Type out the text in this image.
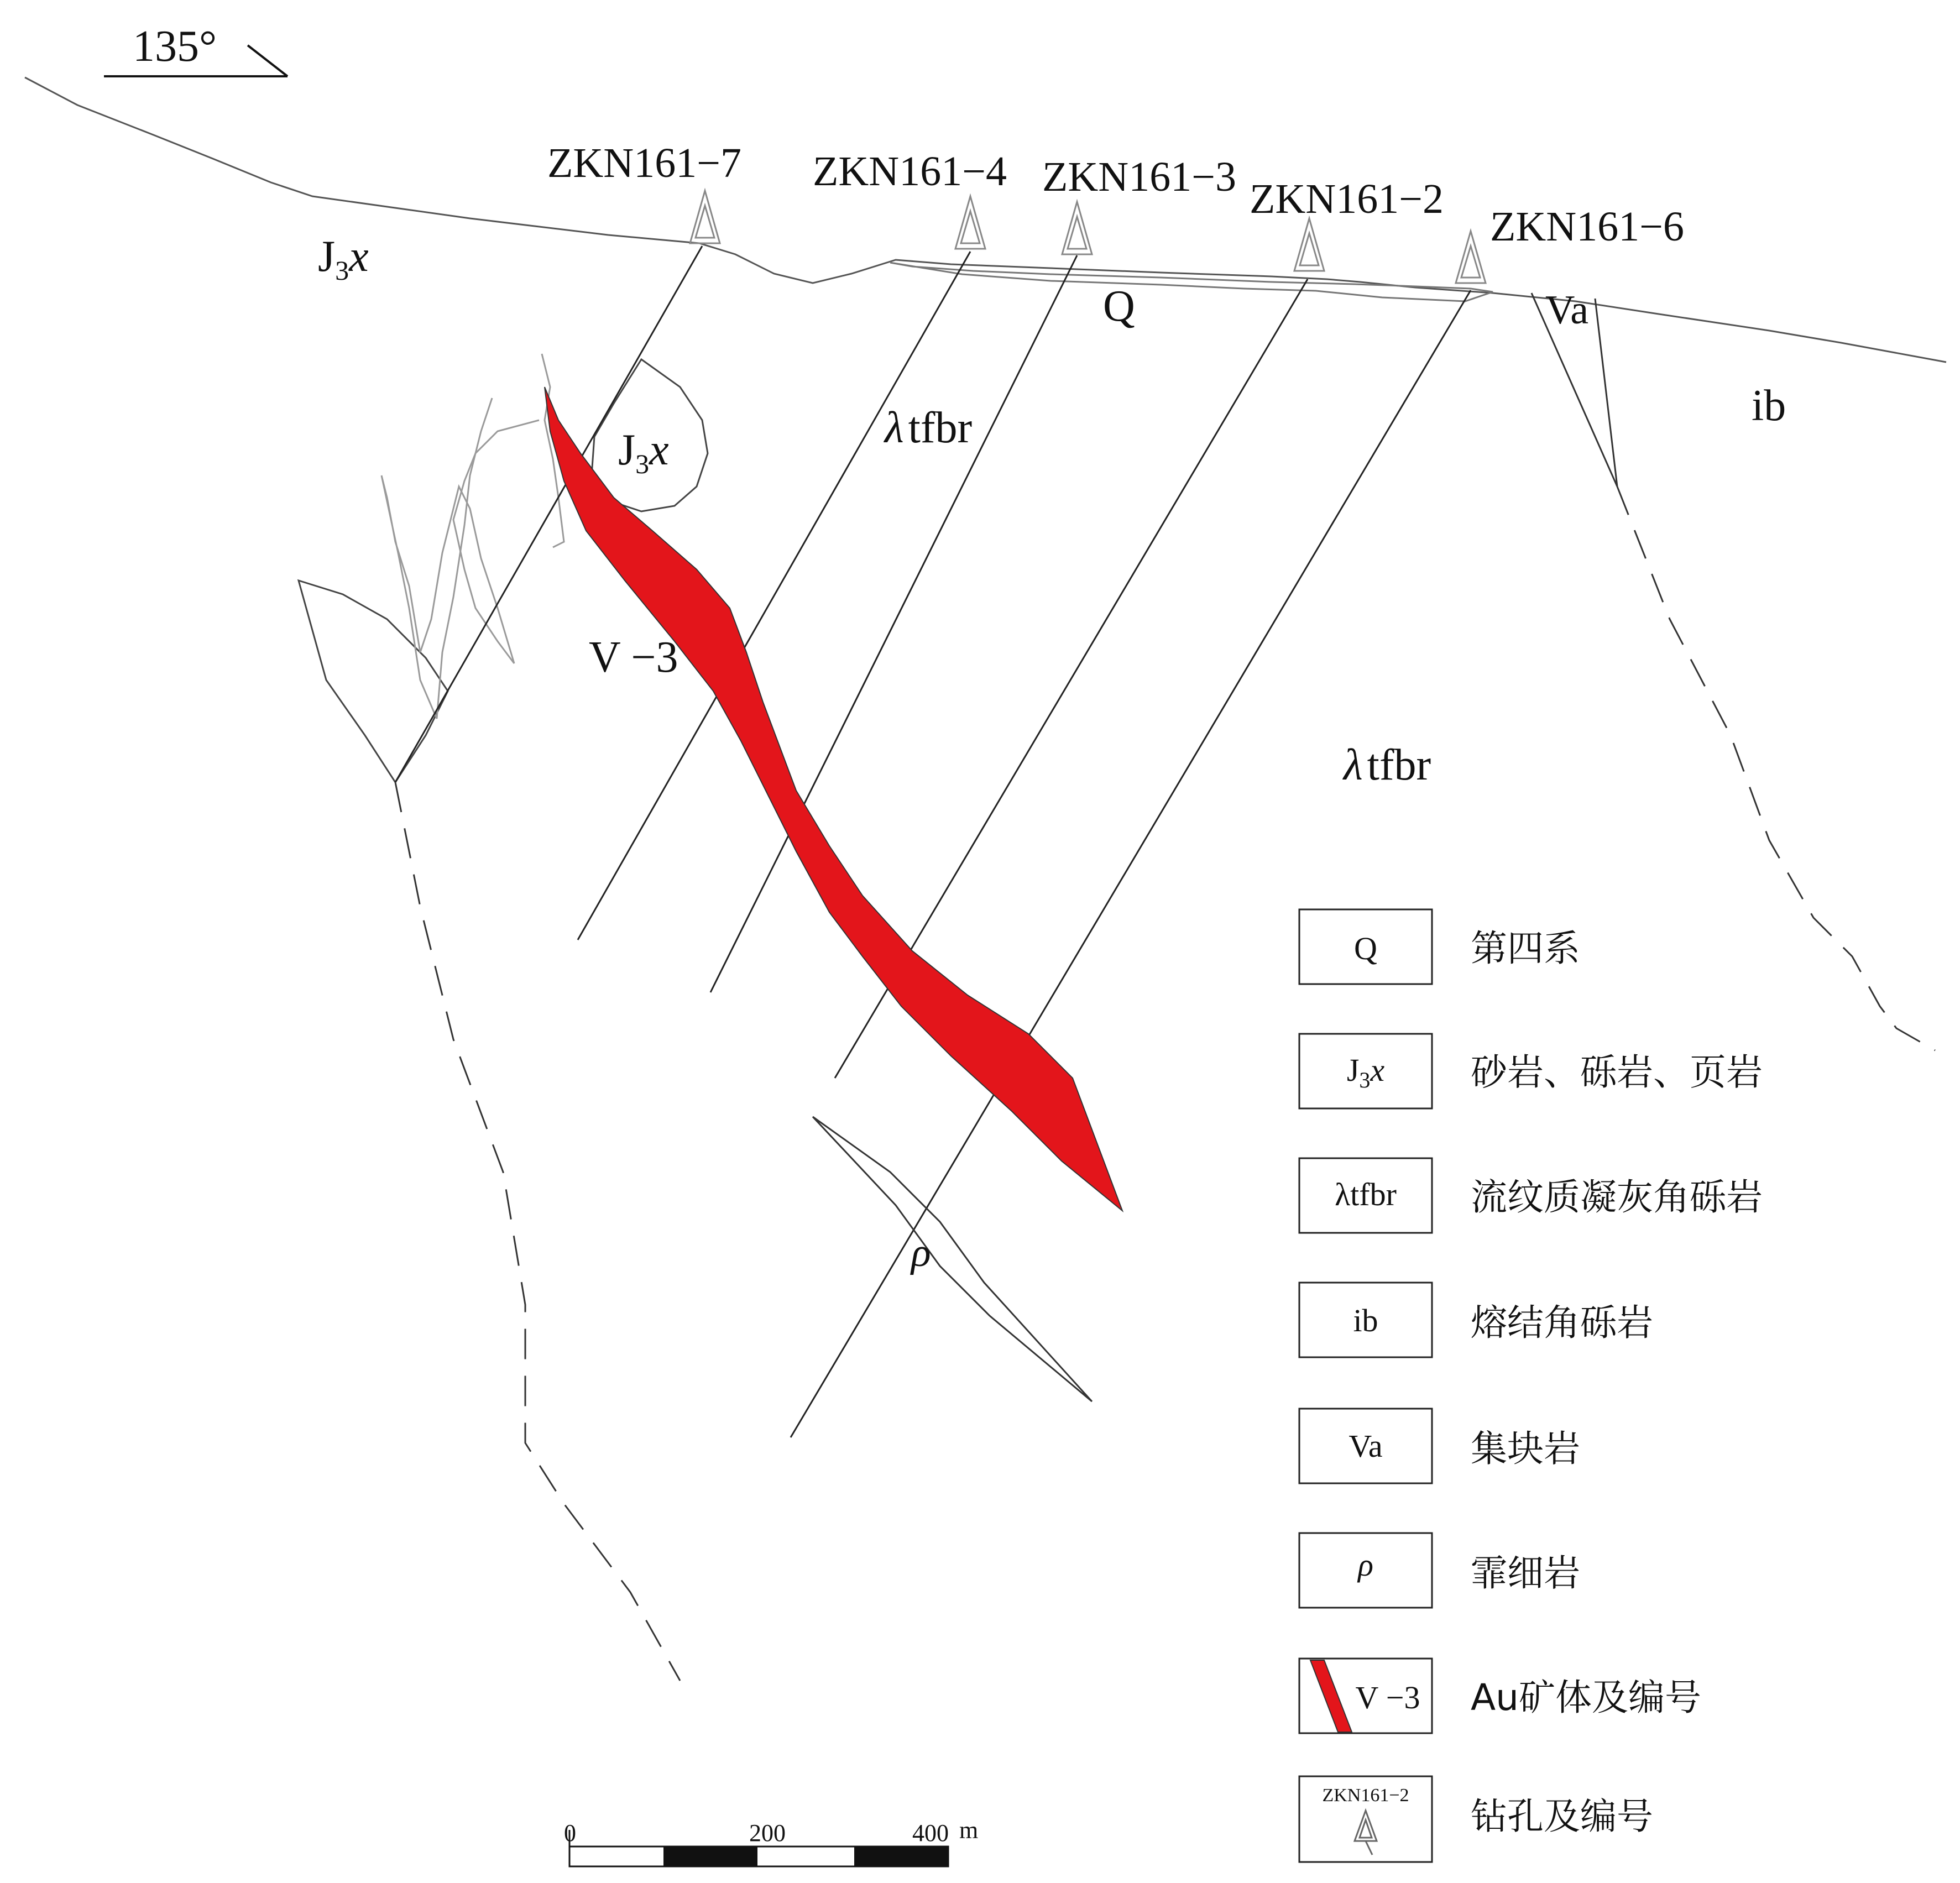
135°
ZKN161−7 ZKN161−4 ZKN161−3 ZKN161−2
ZKN161−6
$J_3x$
$J_3x$
Q	Va
ib
λ tfbr
λ tfbr
V −3
ρ
Q	第四系
$J_3x$ 砂岩、砾岩、页岩
λtfbr 流纹质凝灰角砾岩
ib	熔结角砾岩
Va 集块岩
ρ	霏细岩
V −3 Au矿体及编号
ZKN161−2 钻孔及编号
0	200	400 m
